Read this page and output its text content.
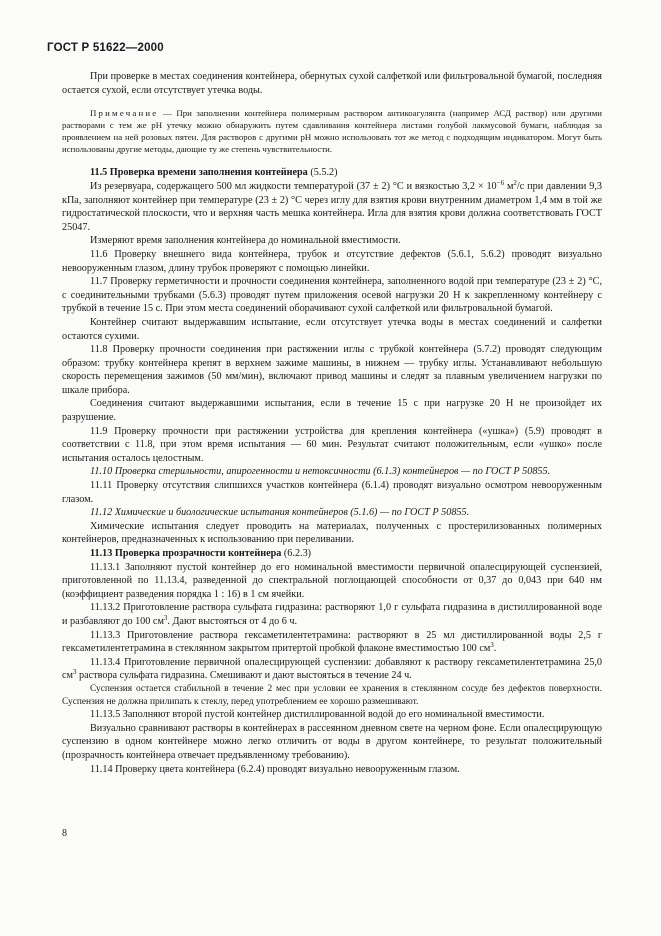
ГОСТ Р 51622—2000

При проверке в местах соединения контейнера, обернутых сухой салфеткой или фильтровальной бумагой, последняя остается сухой, если отсутствует утечка воды.

Примечание — При заполнении контейнера полимерным раствором антикоагулянта (например АСД раствор) или другими растворами с тем же pH утечку можно обнаружить путем сдавливания контейнера листами голубой лакмусовой бумаги, наблюдая за проявлением на ней розовых пятен. Для растворов с другими pH можно использовать тот же метод с подходящим индикатором. Могут быть использованы другие методы, дающие ту же степень чувствительности.

11.5 Проверка времени заполнения контейнера (5.5.2)

Из резервуара, содержащего 500 мл жидкости температурой (37 ± 2) °С и вязкостью $3,2 \times 10^{-6}$ $м^2/с$ при давлении 9,3 кПа, заполняют контейнер при температуре (23 ± 2) °С через иглу для взятия крови внутренним диаметром 1,4 мм в той же гидростатической плоскости, что и верхняя часть мешка контейнера. Игла для взятия крови должна соответствовать ГОСТ 25047.

Измеряют время заполнения контейнера до номинальной вместимости.

11.6 Проверку внешнего вида контейнера, трубок и отсутствие дефектов (5.6.1, 5.6.2) проводят визуально невооруженным глазом, длину трубок проверяют с помощью линейки.

11.7 Проверку герметичности и прочности соединения контейнера, заполненного водой при температуре (23 ± 2) °С, с соединительными трубками (5.6.3) проводят путем приложения осевой нагрузки 20 Н к закрепленному контейнеру с трубкой в течение 15 с. При этом места соединений оборачивают сухой салфеткой или фильтровальной бумагой.

Контейнер считают выдержавшим испытание, если отсутствует утечка воды в местах соединений и салфетки остаются сухими.

11.8 Проверку прочности соединения при растяжении иглы с трубкой контейнера (5.7.2) проводят следующим образом: трубку контейнера крепят в верхнем зажиме машины, в нижнем — трубку иглы. Устанавливают небольшую скорость перемещения зажимов (50 мм/мин), включают привод машины и следят за плавным увеличением нагрузки по шкале прибора.

Соединения считают выдержавшими испытания, если в течение 15 с при нагрузке 20 Н не произойдет их разрушение.

11.9 Проверку прочности при растяжении устройства для крепления контейнера («ушка») (5.9) проводят в соответствии с 11.8, при этом время испытания — 60 мин. Результат считают положительным, если «ушко» после испытания осталось целостным.

11.10 Проверка стерильности, апирогенности и нетоксичности (6.1.3) контейнеров — по ГОСТ Р 50855.

11.11 Проверку отсутствия слипшихся участков контейнера (6.1.4) проводят визуально осмотром невооруженным глазом.

11.12 Химические и биологические испытания контейнеров (5.1.6) — по ГОСТ Р 50855.

Химические испытания следует проводить на материалах, полученных с простерилизованных полимерных контейнеров, предназначенных к использованию при переливании.

11.13 Проверка прозрачности контейнера (6.2.3)

11.13.1 Заполняют пустой контейнер до его номинальной вместимости первичной опалесцирующей суспензией, приготовленной по 11.13.4, разведенной до спектральной поглощающей способности от 0,37 до 0,043 при 640 нм (коэффициент разведения порядка 1 : 16) в 1 см ячейки.

11.13.2 Приготовление раствора сульфата гидразина: растворяют 1,0 г сульфата гидразина в дистиллированной воде и разбавляют до 100 $см^3$. Дают выстояться от 4 до 6 ч.

11.13.3 Приготовление раствора гексаметилентетрамина: растворяют в 25 мл дистиллированной воды 2,5 г гексаметилентетрамина в стеклянном закрытом притертой пробкой флаконе вместимостью 100 $см^3$.

11.13.4 Приготовление первичной опалесцирующей суспензии: добавляют к раствору гексаметилентетрамина 25,0 $см^3$ раствора сульфата гидразина. Смешивают и дают выстояться в течение 24 ч.

Суспензия остается стабильной в течение 2 мес при условии ее хранения в стеклянном сосуде без дефектов поверхности. Суспензия не должна прилипать к стеклу, перед употреблением ее хорошо размешивают.

11.13.5 Заполняют второй пустой контейнер дистиллированной водой до его номинальной вместимости.

Визуально сравнивают растворы в контейнерах в рассеянном дневном свете на черном фоне. Если опалесцирующую суспензию в одном контейнере можно легко отличить от воды в другом контейнере, то результат положительный (прозрачность контейнера отвечает предъявленному требованию).

11.14 Проверку цвета контейнера (6.2.4) проводят визуально невооруженным глазом.

8
